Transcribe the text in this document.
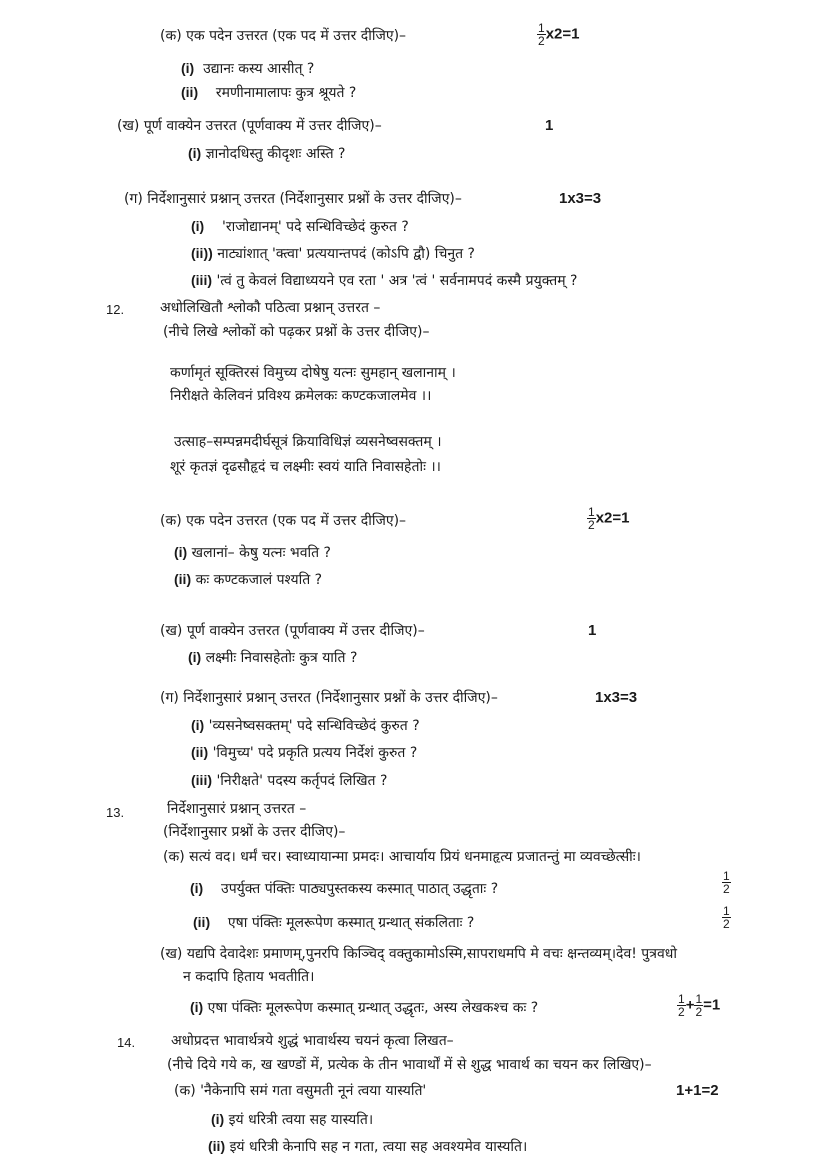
(क) एक पदेन उत्तरत (एक पद में उत्तर दीजिए)–	$\frac{1}{2} x2=1$
(i) उद्यानः कस्य आसीत् ?
(ii) रमणीनामालापः कुत्र श्रूयते ?
(ख) पूर्ण वाक्येन उत्तरत (पूर्णवाक्य में उत्तर दीजिए)–	1
(i) ज्ञानोदधिस्तु कीदृशः अस्ति ?
(ग) निर्देशानुसारं प्रश्नान् उत्तरत (निर्देशानुसार प्रश्नों के उत्तर दीजिए)–	1x3=3
(i) 'राजोद्यानम्' पदे सन्धिविच्छेदं कुरुत ?
(ii)) नाट्यांशात् 'क्त्वा' प्रत्ययान्तपदं (कोऽपि द्वौ) चिनुत ?
(iii) 'त्वं तु केवलं विद्याध्ययने एव रता ' अत्र 'त्वं ' सर्वनामपदं कस्मै प्रयुक्तम् ?
12.	अधोलिखितौ श्लोकौ पठित्वा प्रश्नान् उत्तरत –
(नीचे लिखे श्लोकों को पढ़कर प्रश्नों के उत्तर दीजिए)–
कर्णामृतं सूक्तिरसं विमुच्य दोषेषु यत्नः सुमहान् खलानाम् ।
निरीक्षते केलिवनं प्रविश्य क्रमेलकः कण्टकजालमेव ।।
उत्साह–सम्पन्नमदीर्घसूत्रं क्रियाविधिज्ञं व्यसनेष्वसक्तम् ।
शूरं कृतज्ञं दृढसौहृदं च लक्ष्मीः स्वयं याति निवासहेतोः ।।
(क) एक पदेन उत्तरत (एक पद में उत्तर दीजिए)–	$\frac{1}{2} x2=1$
(i) खलानां– केषु यत्नः भवति ?
(ii) कः कण्टकजालं पश्यति ?
(ख) पूर्ण वाक्येन उत्तरत (पूर्णवाक्य में उत्तर दीजिए)–	1
(i) लक्ष्मीः निवासहेतोः कुत्र याति ?
(ग) निर्देशानुसारं प्रश्नान् उत्तरत (निर्देशानुसार प्रश्नों के उत्तर दीजिए)–	1x3=3
(i) 'व्यसनेष्वसक्तम्' पदे सन्धिविच्छेदं कुरुत ?
(ii) 'विमुच्य' पदे प्रकृति प्रत्यय निर्देशं कुरुत ?
(iii) 'निरीक्षते' पदस्य कर्तृपदं लिखित ?
13.	निर्देशानुसारं प्रश्नान् उत्तरत –
(निर्देशानुसार प्रश्नों के उत्तर दीजिए)–
(क) सत्यं वद। धर्मं चर। स्वाध्यायान्मा प्रमदः। आचार्याय प्रियं धनमाहृत्य प्रजातन्तुं मा व्यवच्छेत्सीः।
(i) उपर्युक्त पंक्तिः पाठ्यपुस्तकस्य कस्मात् पाठात् उद्धृताः ?	$\frac{1}{2}$
(ii) एषा पंक्तिः मूलरूपेण कस्मात् ग्रन्थात् संकलिताः ?	$\frac{1}{2}$
(ख) यद्यपि देवादेशः प्रमाणम्,पुनरपि किञ्चिद् वक्तुकामोऽस्मि,सापराधमपि मे वचः क्षन्तव्यम्।देव! पुत्रवधो
न कदापि हिताय भवतीति।
(i) एषा पंक्तिः मूलरूपेण कस्मात् ग्रन्थात् उद्धृतः, अस्य लेखकश्च कः ?	$\frac{1}{2} + \frac{1}{2} =1$
14.	अधोप्रदत्त भावार्थत्रये शुद्धं भावार्थस्य चयनं कृत्वा लिखत–
(नीचे दिये गये क, ख खण्डों में, प्रत्येक के तीन भावार्थों में से शुद्ध भावार्थ का चयन कर लिखिए)–
(क) 'नैकेनापि समं गता वसुमती नूनं त्वया यास्यति'	1+1=2
(i) इयं धरित्री त्वया सह यास्यति।
(ii) इयं धरित्री केनापि सह न गता, त्वया सह अवश्यमेव यास्यति।
